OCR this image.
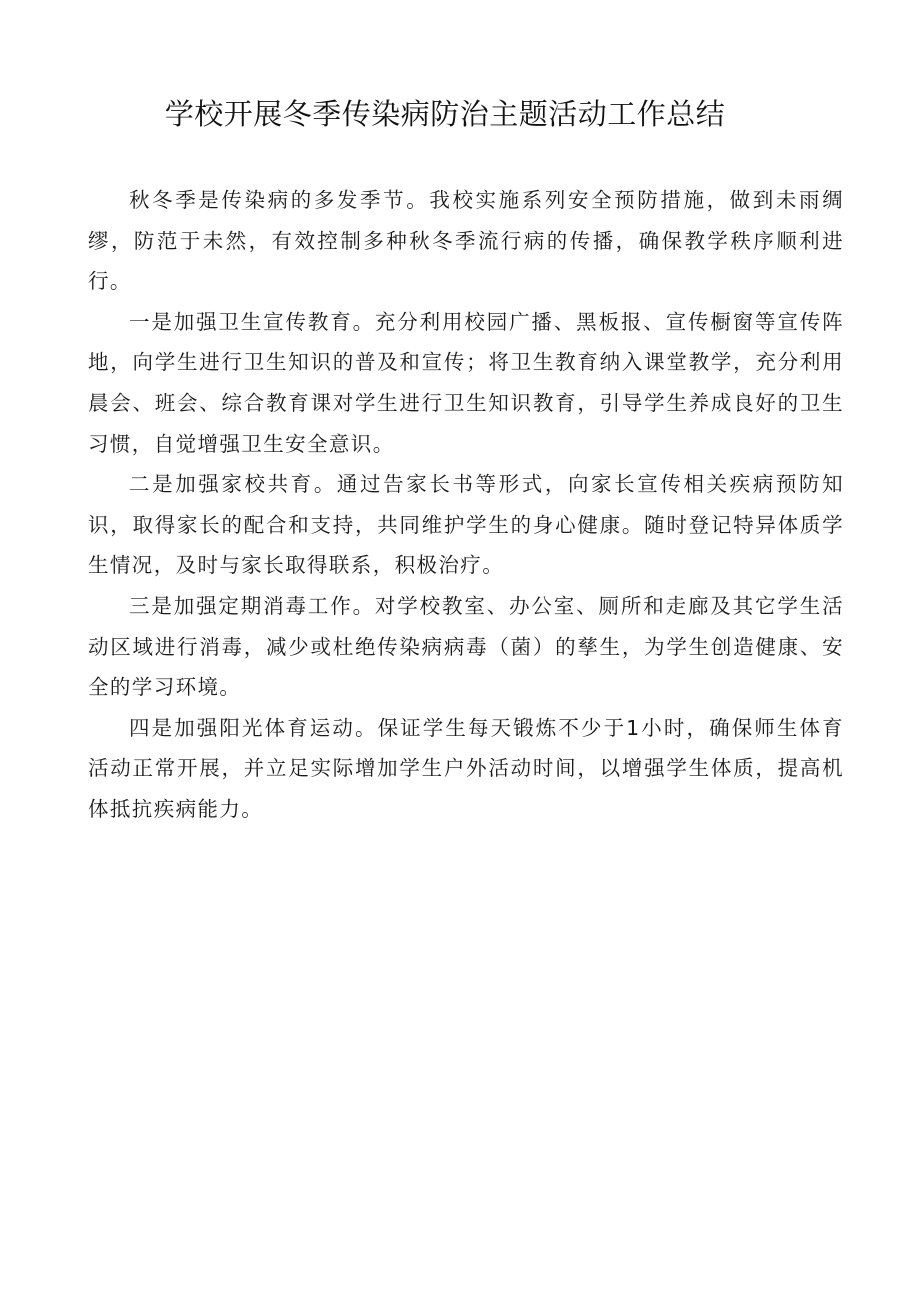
学校开展冬季传染病防治主题活动工作总结

秋冬季是传染病的多发季节。我校实施系列安全预防措施，做到未雨绸缪，防范于未然，有效控制多种秋冬季流行病的传播，确保教学秩序顺利进行。

一是加强卫生宣传教育。充分利用校园广播、黑板报、宣传橱窗等宣传阵地，向学生进行卫生知识的普及和宣传；将卫生教育纳入课堂教学，充分利用晨会、班会、综合教育课对学生进行卫生知识教育，引导学生养成良好的卫生习惯，自觉增强卫生安全意识。

二是加强家校共育。通过告家长书等形式，向家长宣传相关疾病预防知识，取得家长的配合和支持，共同维护学生的身心健康。随时登记特异体质学生情况，及时与家长取得联系，积极治疗。

三是加强定期消毒工作。对学校教室、办公室、厕所和走廊及其它学生活动区域进行消毒，减少或杜绝传染病病毒（菌）的孳生，为学生创造健康、安全的学习环境。

四是加强阳光体育运动。保证学生每天锻炼不少于1小时，确保师生体育活动正常开展，并立足实际增加学生户外活动时间，以增强学生体质，提高机体抵抗疾病能力。
